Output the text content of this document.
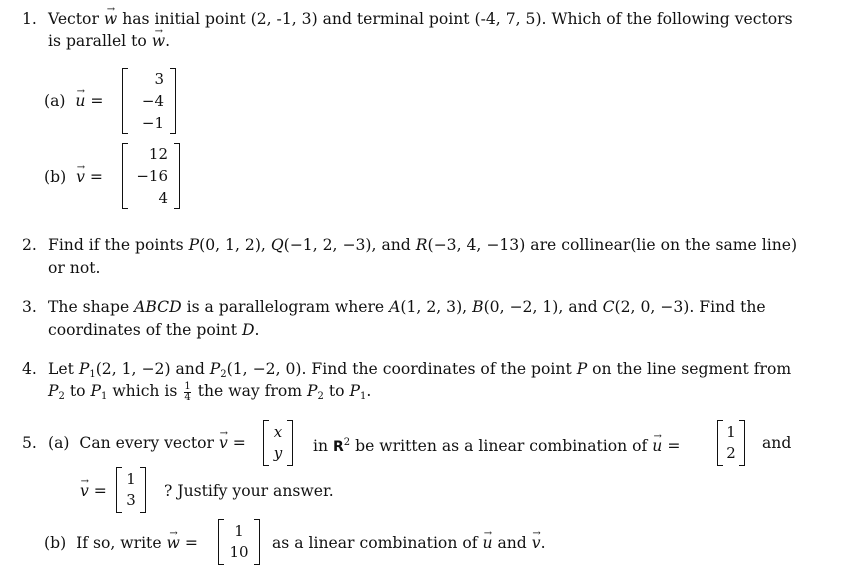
1. Vector → w has initial point (2, -1, 3) and terminal point (-4, 7, 5). Which of the following vectors
is parallel to → w.
(a) → u =
3
−4
−1
(b) → v =
12
−16
4
2. Find if the points P(0, 1, 2), Q(−1, 2, −3), and R(−3, 4, −13) are collinear(lie on the same line)
or not.
3. The shape ABCD is a parallelogram where A(1, 2, 3), B(0, −2, 1), and C(2, 0, −3). Find the
coordinates of the point D.
4. Let $P_1(2$, 1, −2) and $P_2(1$, −2, 0). Find the coordinates of the point P on the line segment from
$P_2$ to $P_1$ which is $\frac{1}{4}$ the way from $P_2$ to $P_1$.
5. (a) Can every vector → v =
x
y	in $R^2$ be written as a linear combination of → u =
1
2
and
→ v =
1
3	? Justify your answer.
(b) If so, write → w =
1
10	as a linear combination of → u and → v.
